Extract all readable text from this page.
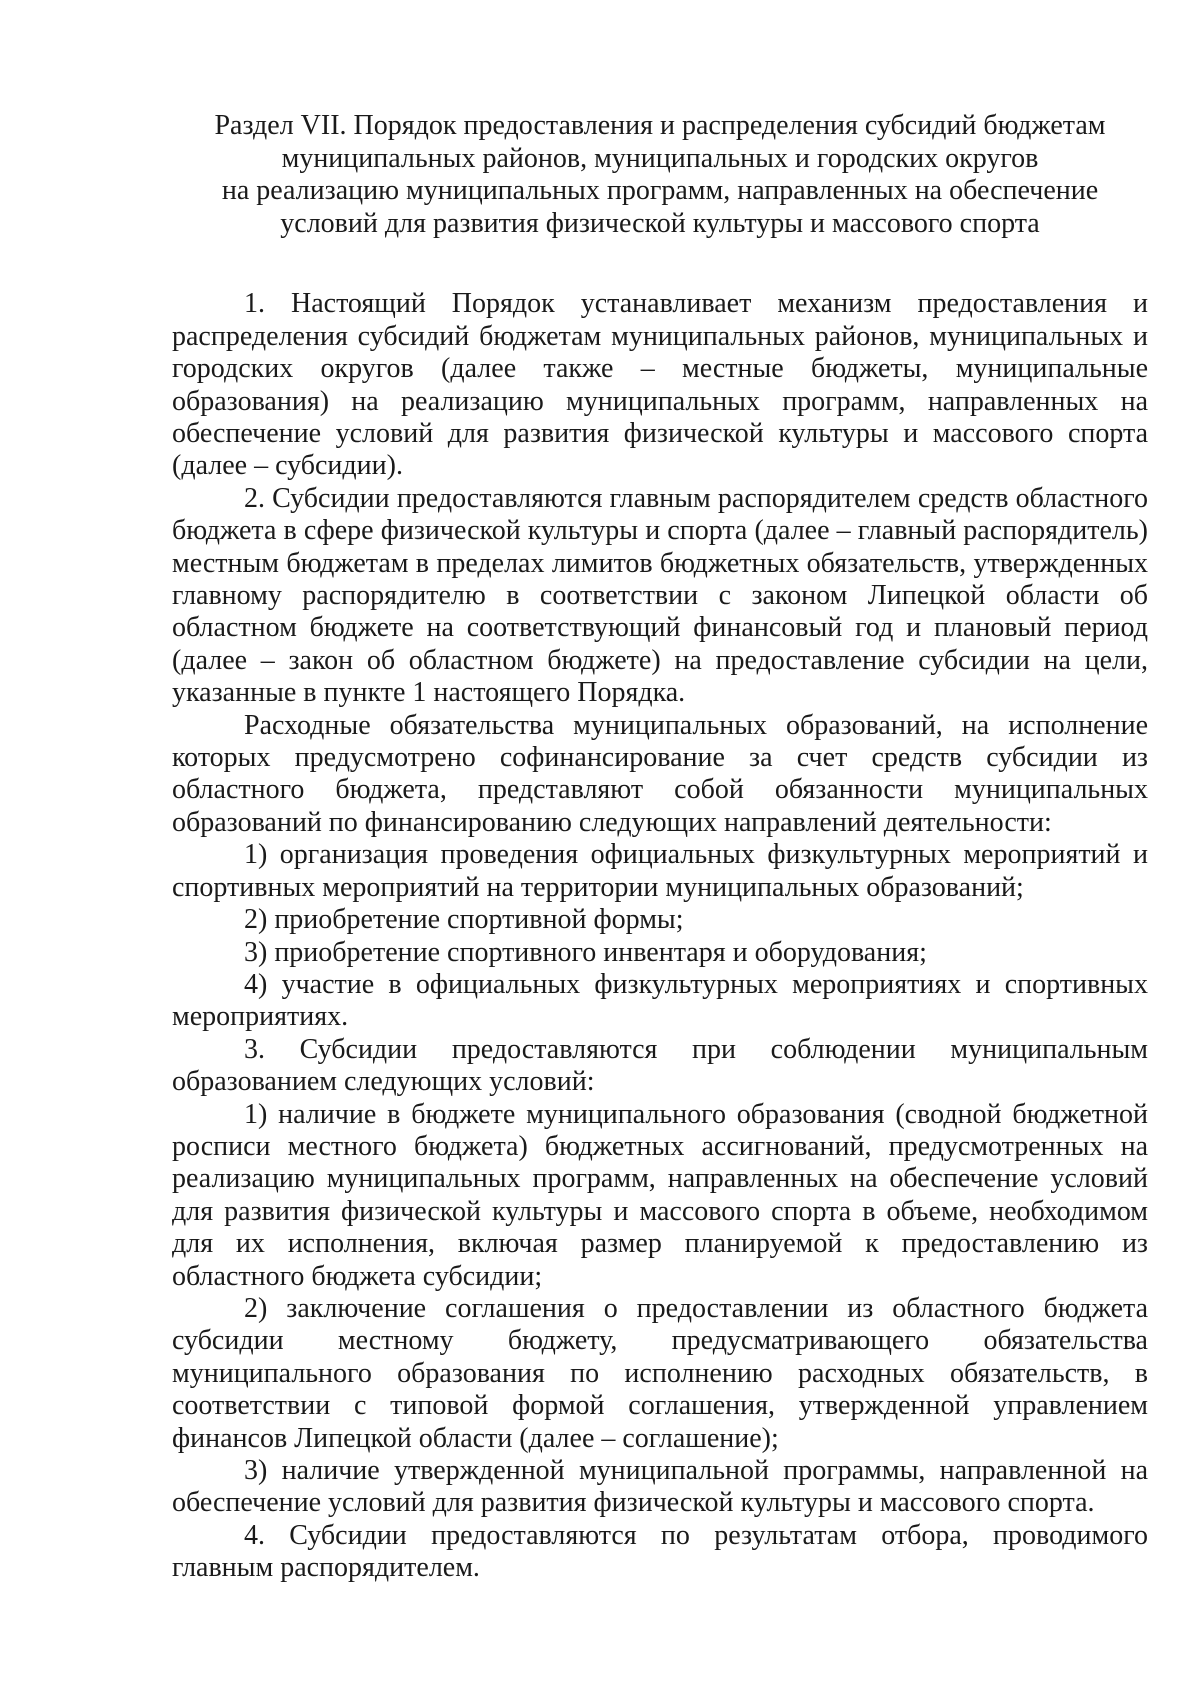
Раздел VII. Порядок предоставления и распределения субсидий бюджетам
муниципальных районов, муниципальных и городских округов
на реализацию муниципальных программ, направленных на обеспечение
условий для развития физической культуры и массового спорта

1. Настоящий Порядок устанавливает механизм предоставления и распределения субсидий бюджетам муниципальных районов, муниципальных и городских округов (далее также – местные бюджеты, муниципальные образования) на реализацию муниципальных программ, направленных на обеспечение условий для развития физической культуры и массового спорта (далее – субсидии).

2. Субсидии предоставляются главным распорядителем средств областного бюджета в сфере физической культуры и спорта (далее – главный распорядитель) местным бюджетам в пределах лимитов бюджетных обязательств, утвержденных главному распорядителю в соответствии с законом Липецкой области об областном бюджете на соответствующий финансовый год и плановый период (далее – закон об областном бюджете) на предоставление субсидии на цели, указанные в пункте 1 настоящего Порядка.

Расходные обязательства муниципальных образований, на исполнение которых предусмотрено софинансирование за счет средств субсидии из областного бюджета, представляют собой обязанности муниципальных образований по финансированию следующих направлений деятельности:

1) организация проведения официальных физкультурных мероприятий и спортивных мероприятий на территории муниципальных образований;

2) приобретение спортивной формы;

3) приобретение спортивного инвентаря и оборудования;

4) участие в официальных физкультурных мероприятиях и спортивных мероприятиях.

3. Субсидии предоставляются при соблюдении муниципальным образованием следующих условий:

1) наличие в бюджете муниципального образования (сводной бюджетной росписи местного бюджета) бюджетных ассигнований, предусмотренных на реализацию муниципальных программ, направленных на обеспечение условий для развития физической культуры и массового спорта в объеме, необходимом для их исполнения, включая размер планируемой к предоставлению из областного бюджета субсидии;

2) заключение соглашения о предоставлении из областного бюджета субсидии местному бюджету, предусматривающего обязательства муниципального образования по исполнению расходных обязательств, в соответствии с типовой формой соглашения, утвержденной управлением финансов Липецкой области (далее – соглашение);

3) наличие утвержденной муниципальной программы, направленной на обеспечение условий для развития физической культуры и массового спорта.

4. Субсидии предоставляются по результатам отбора, проводимого главным распорядителем.
